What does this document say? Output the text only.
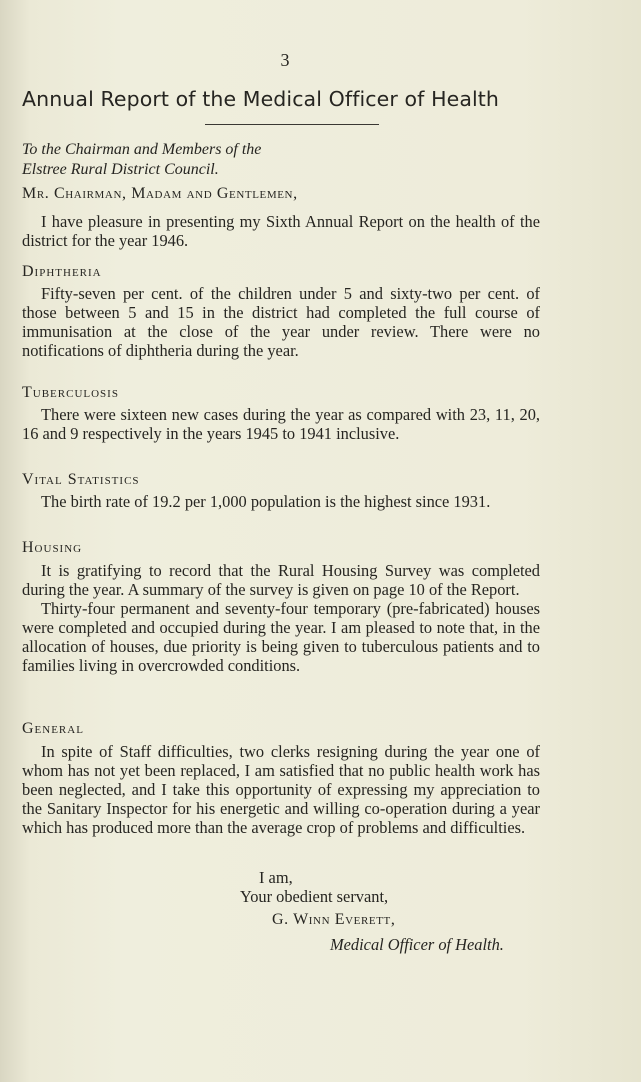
3
Annual Report of the Medical Officer of Health
To the Chairman and Members of the
Elstree Rural District Council.
Mr. Chairman, Madam and Gentlemen,

I have pleasure in presenting my Sixth Annual Report on the health of the district for the year 1946.

Diphtheria

Fifty-seven per cent. of the children under 5 and sixty-two per cent. of those between 5 and 15 in the district had completed the full course of immunisation at the close of the year under review. There were no notifications of diphtheria during the year.

Tuberculosis

There were sixteen new cases during the year as compared with 23, 11, 20, 16 and 9 respectively in the years 1945 to 1941 inclusive.

Vital Statistics

The birth rate of 19.2 per 1,000 population is the highest since 1931.

Housing

It is gratifying to record that the Rural Housing Survey was completed during the year. A summary of the survey is given on page 10 of the Report.

Thirty-four permanent and seventy-four temporary (pre-fabricated) houses were completed and occupied during the year. I am pleased to note that, in the allocation of houses, due priority is being given to tuberculous patients and to families living in overcrowded conditions.

General

In spite of Staff difficulties, two clerks resigning during the year one of whom has not yet been replaced, I am satisfied that no public health work has been neglected, and I take this opportunity of expressing my appreciation to the Sanitary Inspector for his energetic and willing co-operation during a year which has produced more than the average crop of problems and difficulties.

I am,
Your obedient servant,
G. Winn Everett,
Medical Officer of Health.
